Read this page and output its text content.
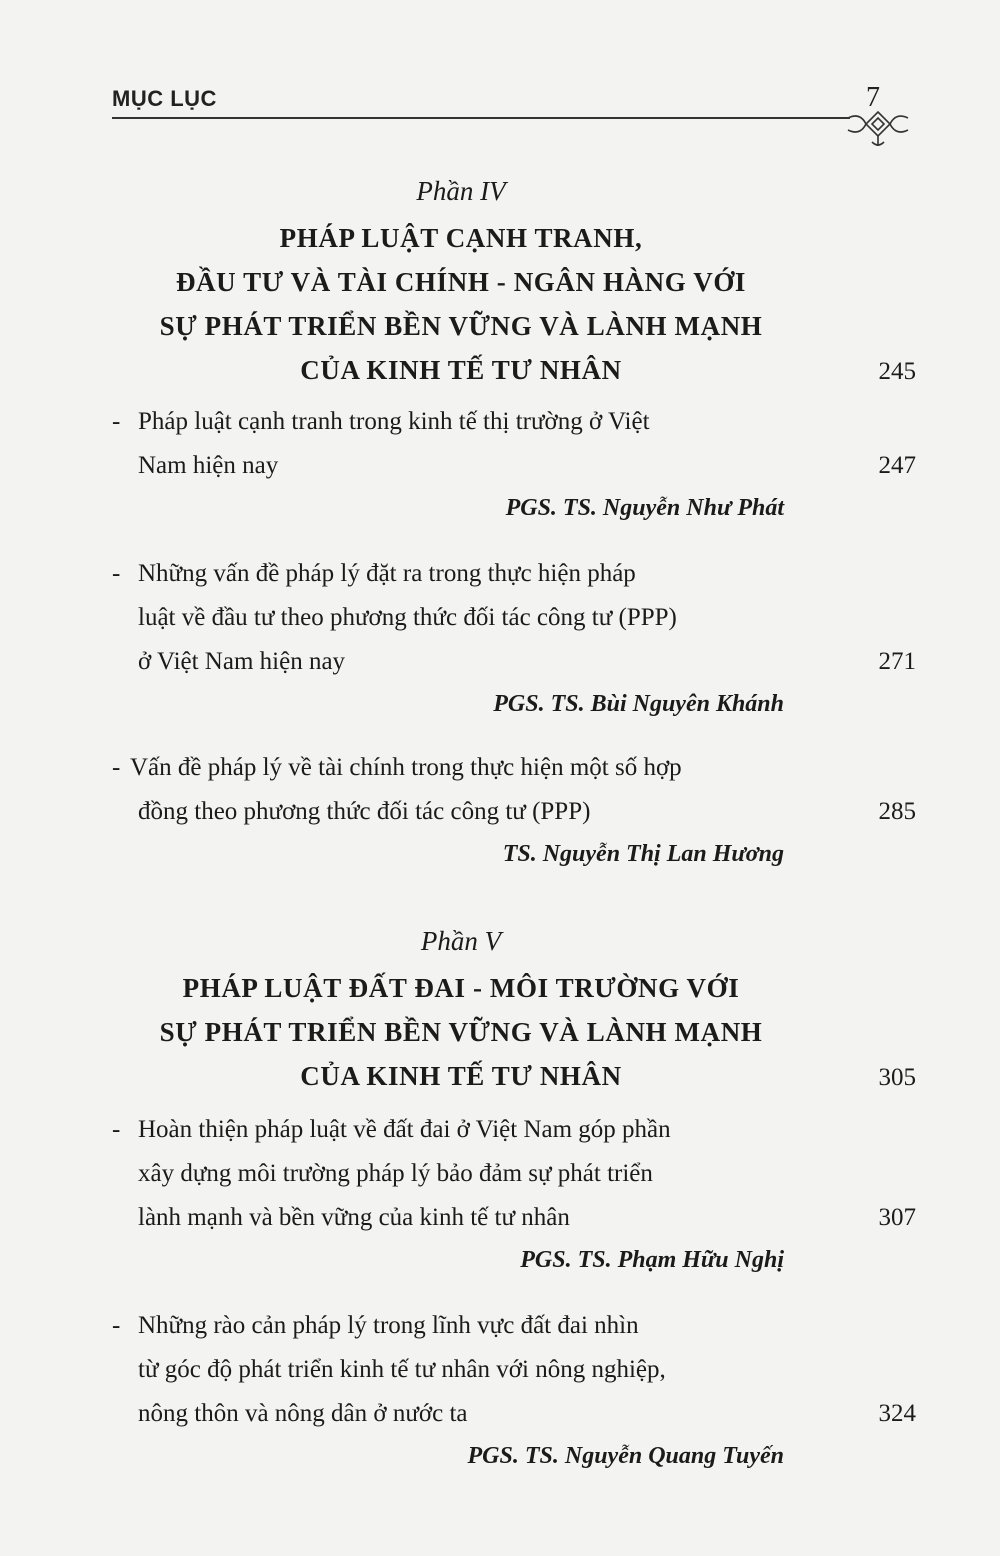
MỤC LỤC	7
Phần IV
PHÁP LUẬT CẠNH TRANH,
ĐẦU TƯ VÀ TÀI CHÍNH - NGÂN HÀNG VỚI
SỰ PHÁT TRIỂN BỀN VỮNG VÀ LÀNH MẠNH
CỦA KINH TẾ TƯ NHÂN	245
- Pháp luật cạnh tranh trong kinh tế thị trường ở Việt
Nam hiện nay	247
PGS. TS. Nguyễn Như Phát
- Những vấn đề pháp lý đặt ra trong thực hiện pháp
luật về đầu tư theo phương thức đối tác công tư (PPP)
ở Việt Nam hiện nay	271
PGS. TS. Bùi Nguyên Khánh
- Vấn đề pháp lý về tài chính trong thực hiện một số hợp
đồng theo phương thức đối tác công tư (PPP)	285
TS. Nguyễn Thị Lan Hương
Phần V
PHÁP LUẬT ĐẤT ĐAI - MÔI TRƯỜNG VỚI
SỰ PHÁT TRIỂN BỀN VỮNG VÀ LÀNH MẠNH
CỦA KINH TẾ TƯ NHÂN	305
- Hoàn thiện pháp luật về đất đai ở Việt Nam góp phần
xây dựng môi trường pháp lý bảo đảm sự phát triển
lành mạnh và bền vững của kinh tế tư nhân	307
PGS. TS. Phạm Hữu Nghị
- Những rào cản pháp lý trong lĩnh vực đất đai nhìn
từ góc độ phát triển kinh tế tư nhân với nông nghiệp,
nông thôn và nông dân ở nước ta	324
PGS. TS. Nguyễn Quang Tuyến
